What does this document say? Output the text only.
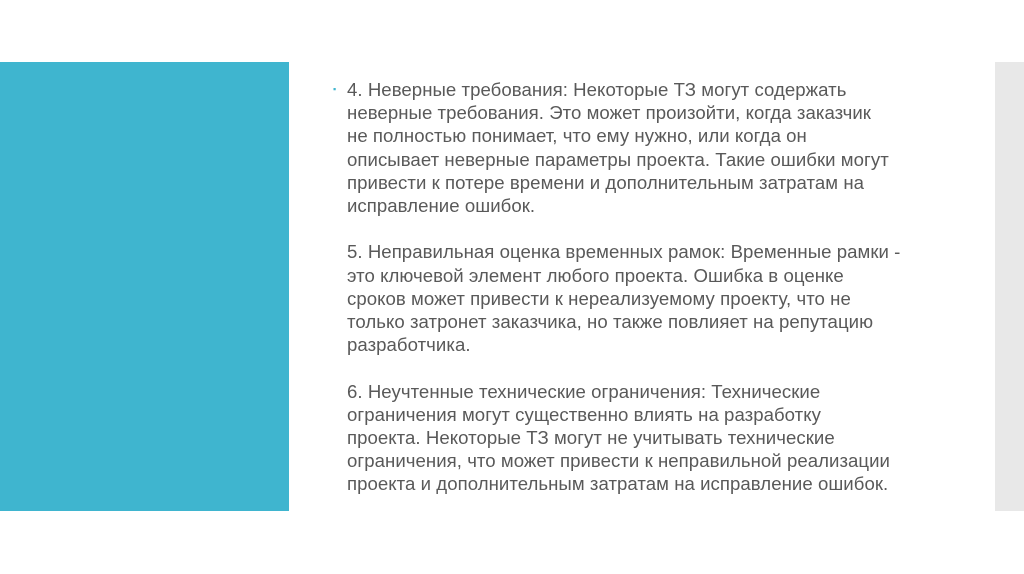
▪ 4. Неверные требования: Некоторые ТЗ могут содержать
неверные требования. Это может произойти, когда заказчик
не полностью понимает, что ему нужно, или когда он
описывает неверные параметры проекта. Такие ошибки могут
привести к потере времени и дополнительным затратам на
исправление ошибок.

5. Неправильная оценка временных рамок: Временные рамки -
это ключевой элемент любого проекта. Ошибка в оценке
сроков может привести к нереализуемому проекту, что не
только затронет заказчика, но также повлияет на репутацию
разработчика.

6. Неучтенные технические ограничения: Технические
ограничения могут существенно влиять на разработку
проекта. Некоторые ТЗ могут не учитывать технические
ограничения, что может привести к неправильной реализации
проекта и дополнительным затратам на исправление ошибок.
